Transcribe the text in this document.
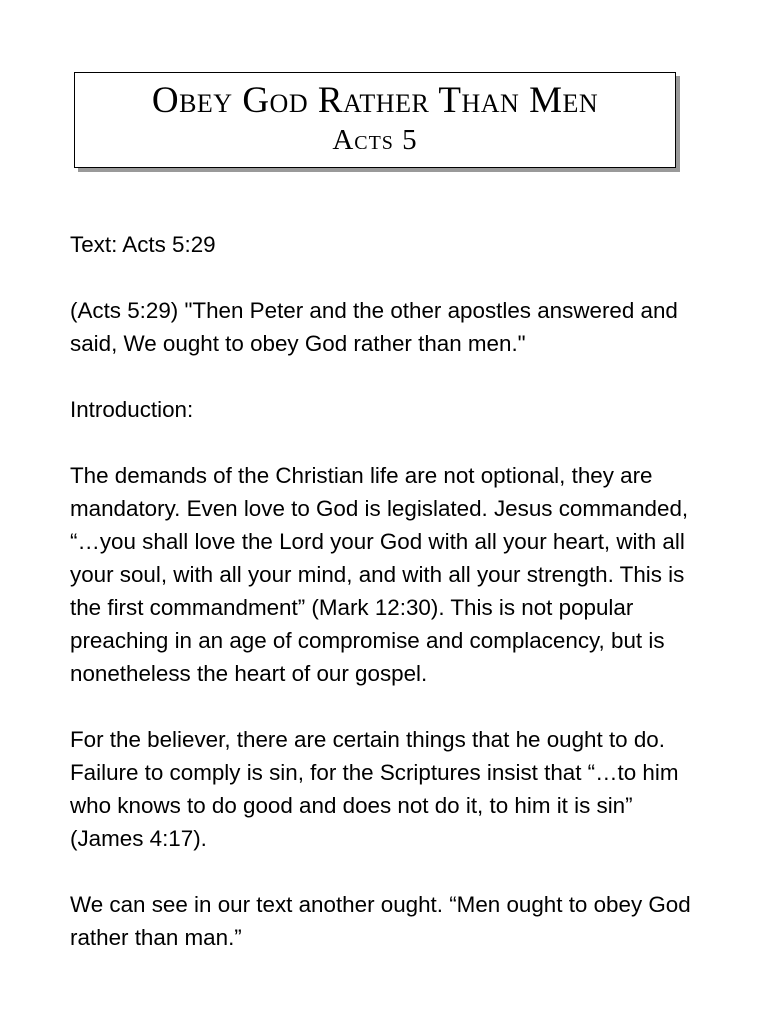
Obey God Rather Than Men
Acts 5

Text: Acts 5:29

(Acts 5:29) "Then Peter and the other apostles answered and said, We ought to obey God rather than men."

Introduction:

The demands of the Christian life are not optional, they are mandatory. Even love to God is legislated. Jesus commanded, “…you shall love the Lord your God with all your heart, with all your soul, with all your mind, and with all your strength. This is the first commandment” (Mark 12:30). This is not popular preaching in an age of compromise and complacency, but is nonetheless the heart of our gospel.

For the believer, there are certain things that he ought to do. Failure to comply is sin, for the Scriptures insist that “…to him who knows to do good and does not do it, to him it is sin” (James 4:17).

We can see in our text another ought. “Men ought to obey God rather than man.”
